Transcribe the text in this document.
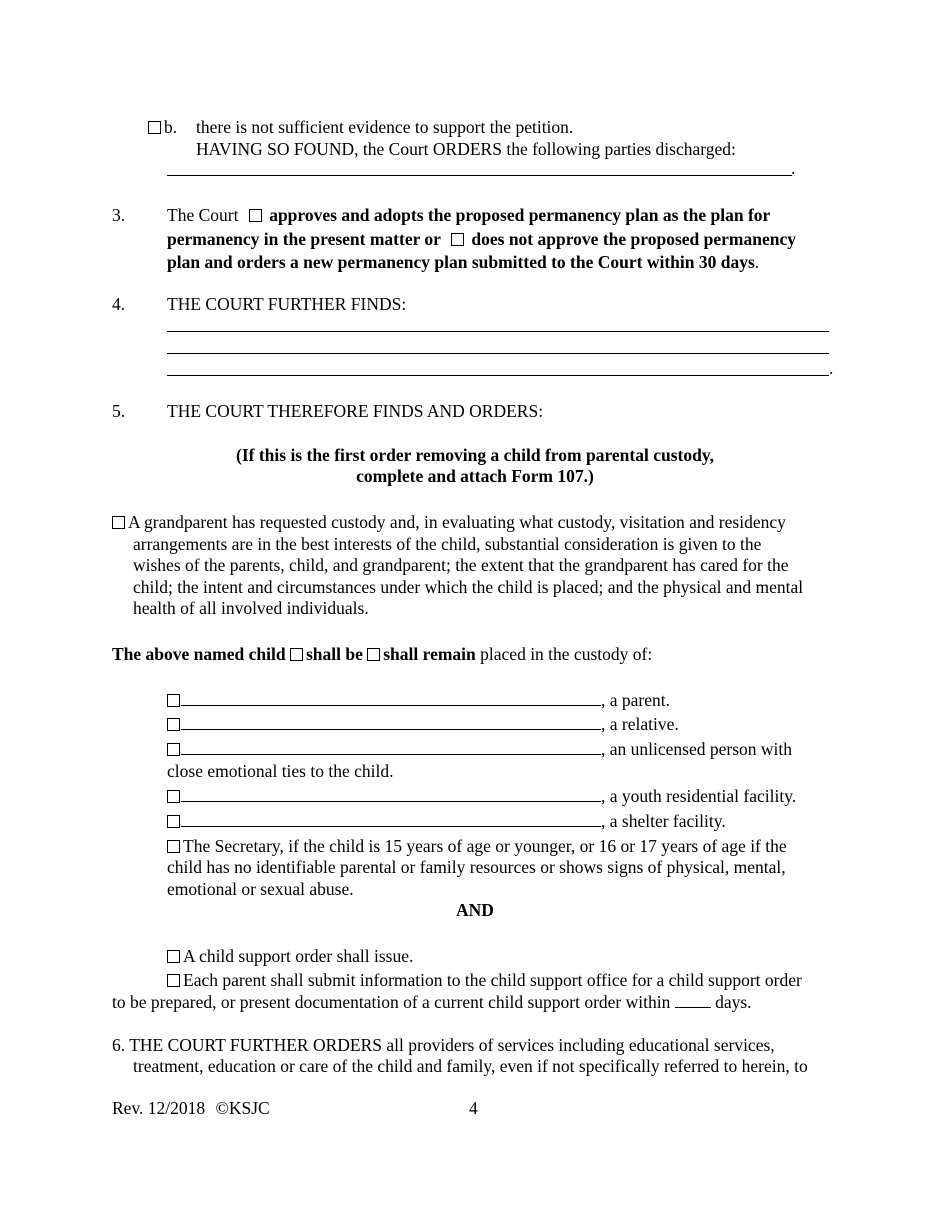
b. there is not sufficient evidence to support the petition.
HAVING SO FOUND, the Court ORDERS the following parties discharged:
.
3. The Court approves and adopts the proposed permanency plan as the plan for
permanency in the present matter or does not approve the proposed permanency
plan and orders a new permanency plan submitted to the Court within 30 days.
4. THE COURT FURTHER FINDS:
.
5. THE COURT THEREFORE FINDS AND ORDERS:
(If this is the first order removing a child from parental custody,
complete and attach Form 107.)
A grandparent has requested custody and, in evaluating what custody, visitation and residency
arrangements are in the best interests of the child, substantial consideration is given to the
wishes of the parents, child, and grandparent; the extent that the grandparent has cared for the
child; the intent and circumstances under which the child is placed; and the physical and mental
health of all involved individuals.
The above named child shall be shall remain placed in the custody of:
, a parent.
, a relative.
, an unlicensed person with
close emotional ties to the child.
, a youth residential facility.
, a shelter facility.
The Secretary, if the child is 15 years of age or younger, or 16 or 17 years of age if the
child has no identifiable parental or family resources or shows signs of physical, mental,
emotional or sexual abuse.
AND
A child support order shall issue.
Each parent shall submit information to the child support office for a child support order
to be prepared, or present documentation of a current child support order within	days.
6. THE COURT FURTHER ORDERS all providers of services including educational services,
treatment, education or care of the child and family, even if not specifically referred to herein, to
Rev. 12/2018 ©KSJC	4
